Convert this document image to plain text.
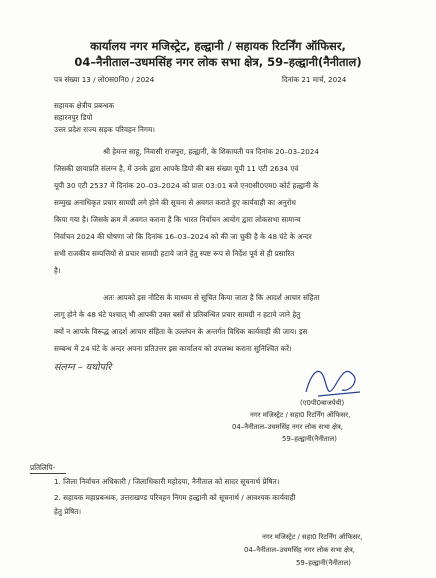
कार्यालय नगर मजिस्ट्रेट, हल्द्वानी / सहायक रिटर्निंग ऑफिसर,
04–नैनीताल–उधमसिंह नगर लोक सभा क्षेत्र, 59–हल्द्वानी(नैनीताल)
पत्र संख्या 13 / लो0स0नि0 / 2024	दिनांक 21 मार्च, 2024
सहायक क्षेत्रीय प्रबन्धक
सहारनपुर डिपो
उत्तर प्रदेश राज्य सड़क परिवहन निगम।
श्री हेमन्त साहू, निवासी राजपुरा, हल्द्वानी, के शिकायती पत्र दिनांक 20–03–2024
जिसकी छायाप्रति संलग्न है, में उनके द्वारा आपके डिपो की बस संख्या यूपी 11 एटी 2634 एवं
यूपी 30 एटी 2537 में दिनांक 20–03–2024 को प्रातः 03:01 बजे एन0सी0एम0 कोर्ट हल्द्वानी के
सम्मुख अनाधिकृत प्रचार सामग्री लगे होने की सूचना से अवगत कराते हुए कार्यवाही का अनुरोध
किया गया है। जिसके क्रम में अवगत कराना है कि भारत निर्वाचन आयोग द्वारा लोकसभा सामान्य
निर्वाचन 2024 की घोषणा जो कि दिनांक 16–03–2024 को की जा चुकी है के 48 घंटे के अन्दर
सभी राजकीय सम्पत्तियों से प्रचार सामग्री हटाये जाने हेतु स्पष्ट रूप से निर्देश पूर्व से ही प्रसारित
है।
अतः आपको इस नोटिस के माध्यम से सूचित किया जाता है कि आदर्श आचार संहिता
लागू होने के 48 घंटे पश्चात् भी आपकी उक्त बसों से प्रतिबन्धित प्रचार सामग्री न हटाये जाने हेतु
क्यों न आपके विरूद्ध आदर्श आचार संहिता के उल्लंघन के अन्तर्गत विधिक कार्यवाही की जाय। इस
सम्बन्ध में 24 घंटे के अन्दर अपना प्रतिउत्तर इस कार्यालय को उपलब्ध कराना सुनिश्चित करें।
संलग्न – यथोपरि
(ए0पी0बाजपेयी)
नगर मजिस्ट्रेट / सहा0 रिटर्निंग ऑफिसर,
04–नैनीताल–उधमसिंह नगर लोक सभा क्षेत्र,
59–हल्द्वानी(नैनीताल)
प्रतिलिपि-
1. जिला निर्वाचन अधिकारी / जिलाधिकारी महोदया, नैनीताल को सादर सूचनार्थ प्रेषित।
2. सहायक महाप्रबन्धक, उत्तराखण्ड परिवहन निगम हल्द्वानी को सूचनार्थ / आवश्यक कार्यवाही
हेतु प्रेषित।
नगर मजिस्ट्रेट / सहा0 रिटर्निंग ऑफिसर,
04–नैनीताल–उधमसिंह नगर लोक सभा क्षेत्र,
59–हल्द्वानी(नैनीताल)
